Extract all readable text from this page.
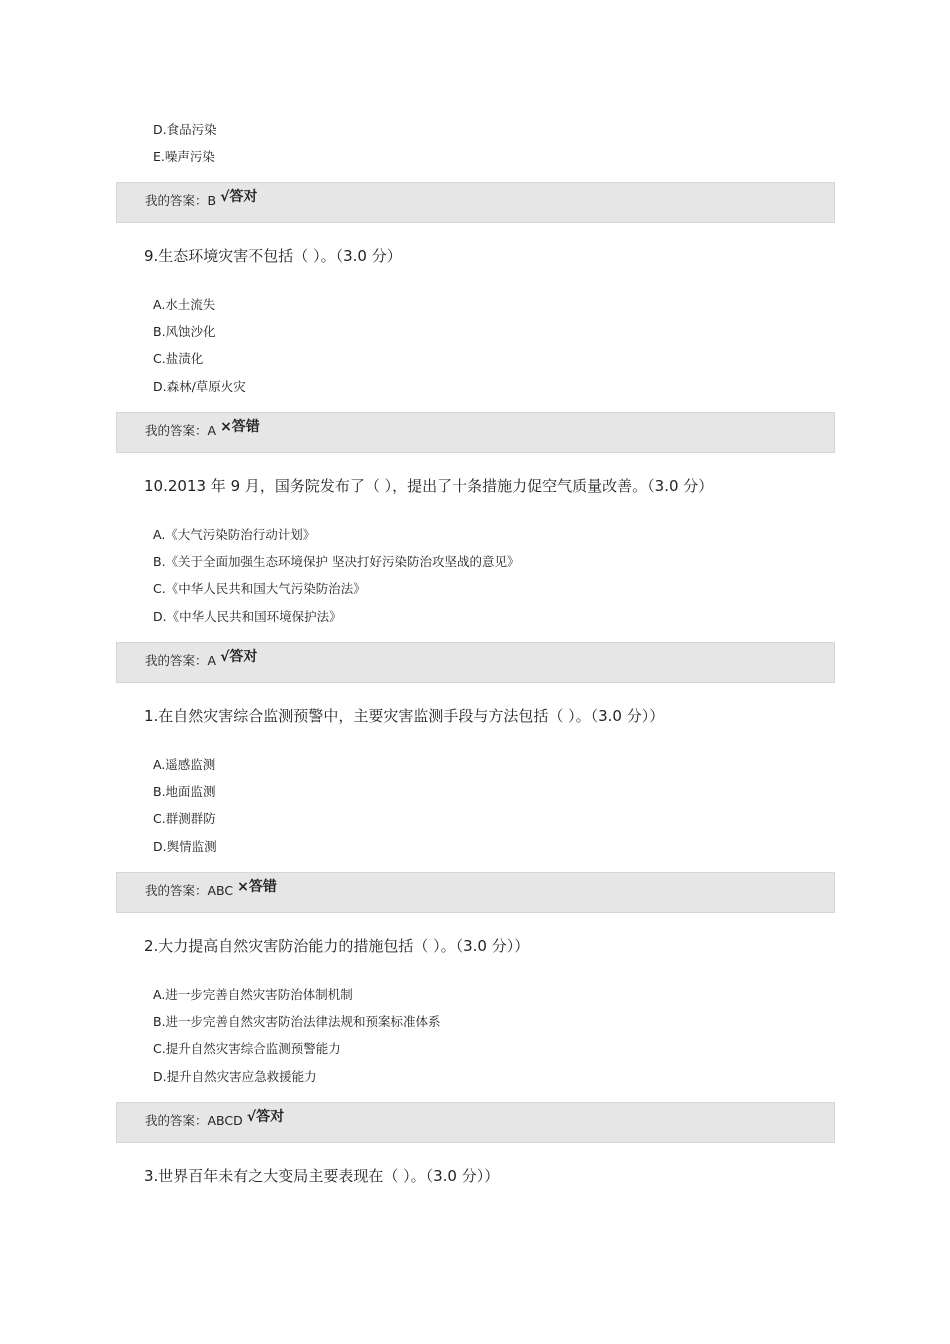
D.食品污染
E.噪声污染
我的答案：B √答对
9.生态环境灾害不包括（ ）。（3.0 分）
A.水土流失
B.风蚀沙化
C.盐渍化
D.森林/草原火灾
我的答案：A ×答错
10.2013 年 9 月，国务院发布了（ ），提出了十条措施力促空气质量改善。（3.0 分）
A.《大气污染防治行动计划》
B.《关于全面加强生态环境保护 坚决打好污染防治攻坚战的意见》
C.《中华人民共和国大气污染防治法》
D.《中华人民共和国环境保护法》
我的答案：A √答对
1.在自然灾害综合监测预警中，主要灾害监测手段与方法包括（ ）。（3.0 分））
A.遥感监测
B.地面监测
C.群测群防
D.舆情监测
我的答案：ABC ×答错
2.大力提高自然灾害防治能力的措施包括（ ）。（3.0 分））
A.进一步完善自然灾害防治体制机制
B.进一步完善自然灾害防治法律法规和预案标准体系
C.提升自然灾害综合监测预警能力
D.提升自然灾害应急救援能力
我的答案：ABCD √答对
3.世界百年未有之大变局主要表现在（ ）。（3.0 分））
